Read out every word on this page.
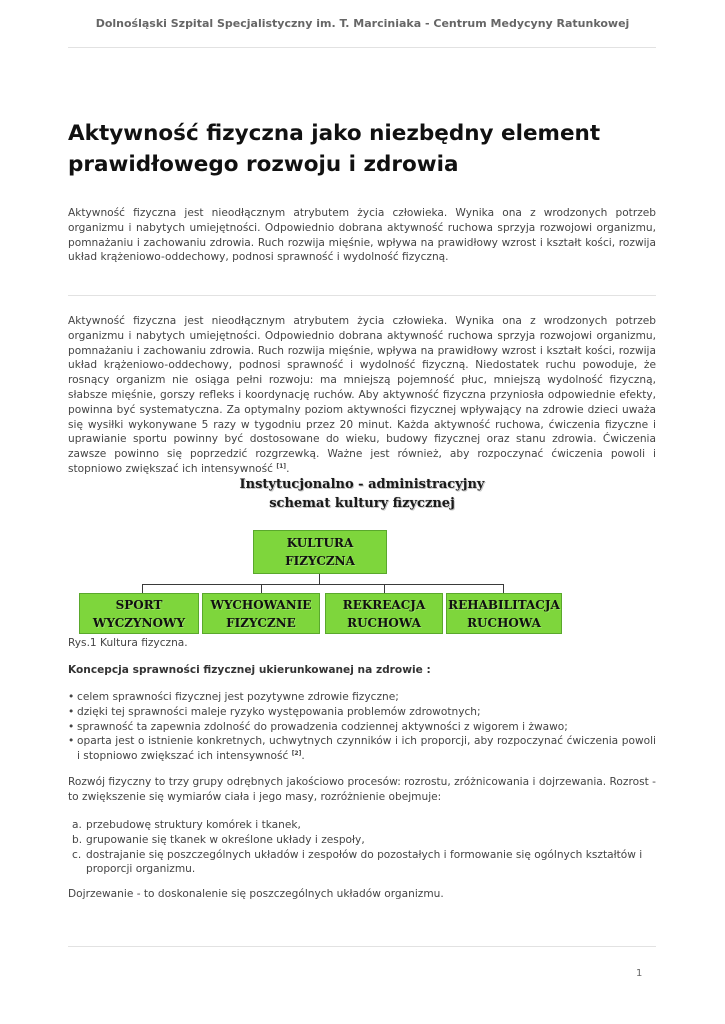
Dolnośląski Szpital Specjalistyczny im. T. Marciniaka - Centrum Medycyny Ratunkowej
Aktywność fizyczna jako niezbędny element prawidłowego rozwoju i zdrowia

Aktywność fizyczna jest nieodłącznym atrybutem życia człowieka. Wynika ona z wrodzonych potrzeb organizmu i nabytych umiejętności. Odpowiednio dobrana aktywność ruchowa sprzyja rozwojowi organizmu, pomnażaniu i zachowaniu zdrowia. Ruch rozwija mięśnie, wpływa na prawidłowy wzrost i kształt kości, rozwija układ krążeniowo-oddechowy, podnosi sprawność i wydolność fizyczną.

Aktywność fizyczna jest nieodłącznym atrybutem życia człowieka. Wynika ona z wrodzonych potrzeb organizmu i nabytych umiejętności. Odpowiednio dobrana aktywność ruchowa sprzyja rozwojowi organizmu, pomnażaniu i zachowaniu zdrowia. Ruch rozwija mięśnie, wpływa na prawidłowy wzrost i kształt kości, rozwija układ krążeniowo-oddechowy, podnosi sprawność i wydolność fizyczną. Niedostatek ruchu powoduje, że rosnący organizm nie osiąga pełni rozwoju: ma mniejszą pojemność płuc, mniejszą wydolność fizyczną, słabsze mięśnie, gorszy refleks i koordynację ruchów. Aby aktywność fizyczna przyniosła odpowiednie efekty, powinna być systematyczna. Za optymalny poziom aktywności fizycznej wpływający na zdrowie dzieci uważa się wysiłki wykonywane 5 razy w tygodniu przez 20 minut. Każda aktywność ruchowa, ćwiczenia fizyczne i uprawianie sportu powinny być dostosowane do wieku, budowy fizycznej oraz stanu zdrowia. Ćwiczenia zawsze powinno się poprzedzić rozgrzewką. Ważne jest również, aby rozpoczynać ćwiczenia powoli i stopniowo zwiększać ich intensywność [1].

Instytucjonalno - administracyjny
schemat kultury fizycznej
KULTURA
FIZYCZNA
SPORT
WYCZYNOWY
WYCHOWANIE
FIZYCZNE
REKREACJA
RUCHOWA
REHABILITACJA
RUCHOWA

Rys.1 Kultura fizyczna.

Koncepcja sprawności fizycznej ukierunkowanej na zdrowie :

• celem sprawności fizycznej jest pozytywne zdrowie fizyczne;
• dzięki tej sprawności maleje ryzyko występowania problemów zdrowotnych;
• sprawność ta zapewnia zdolność do prowadzenia codziennej aktywności z wigorem i żwawo;
• oparta jest o istnienie konkretnych, uchwytnych czynników i ich proporcji, aby rozpoczynać ćwiczenia powoli i stopniowo zwiększać ich intensywność [2].

Rozwój fizyczny to trzy grupy odrębnych jakościowo procesów: rozrostu, zróżnicowania i dojrzewania. Rozrost - to zwiększenie się wymiarów ciała i jego masy, rozróżnienie obejmuje:

a. przebudowę struktury komórek i tkanek,
b. grupowanie się tkanek w określone układy i zespoły,
c. dostrajanie się poszczególnych układów i zespołów do pozostałych i formowanie się ogólnych kształtów i proporcji organizmu.

Dojrzewanie - to doskonalenie się poszczególnych układów organizmu.

1
